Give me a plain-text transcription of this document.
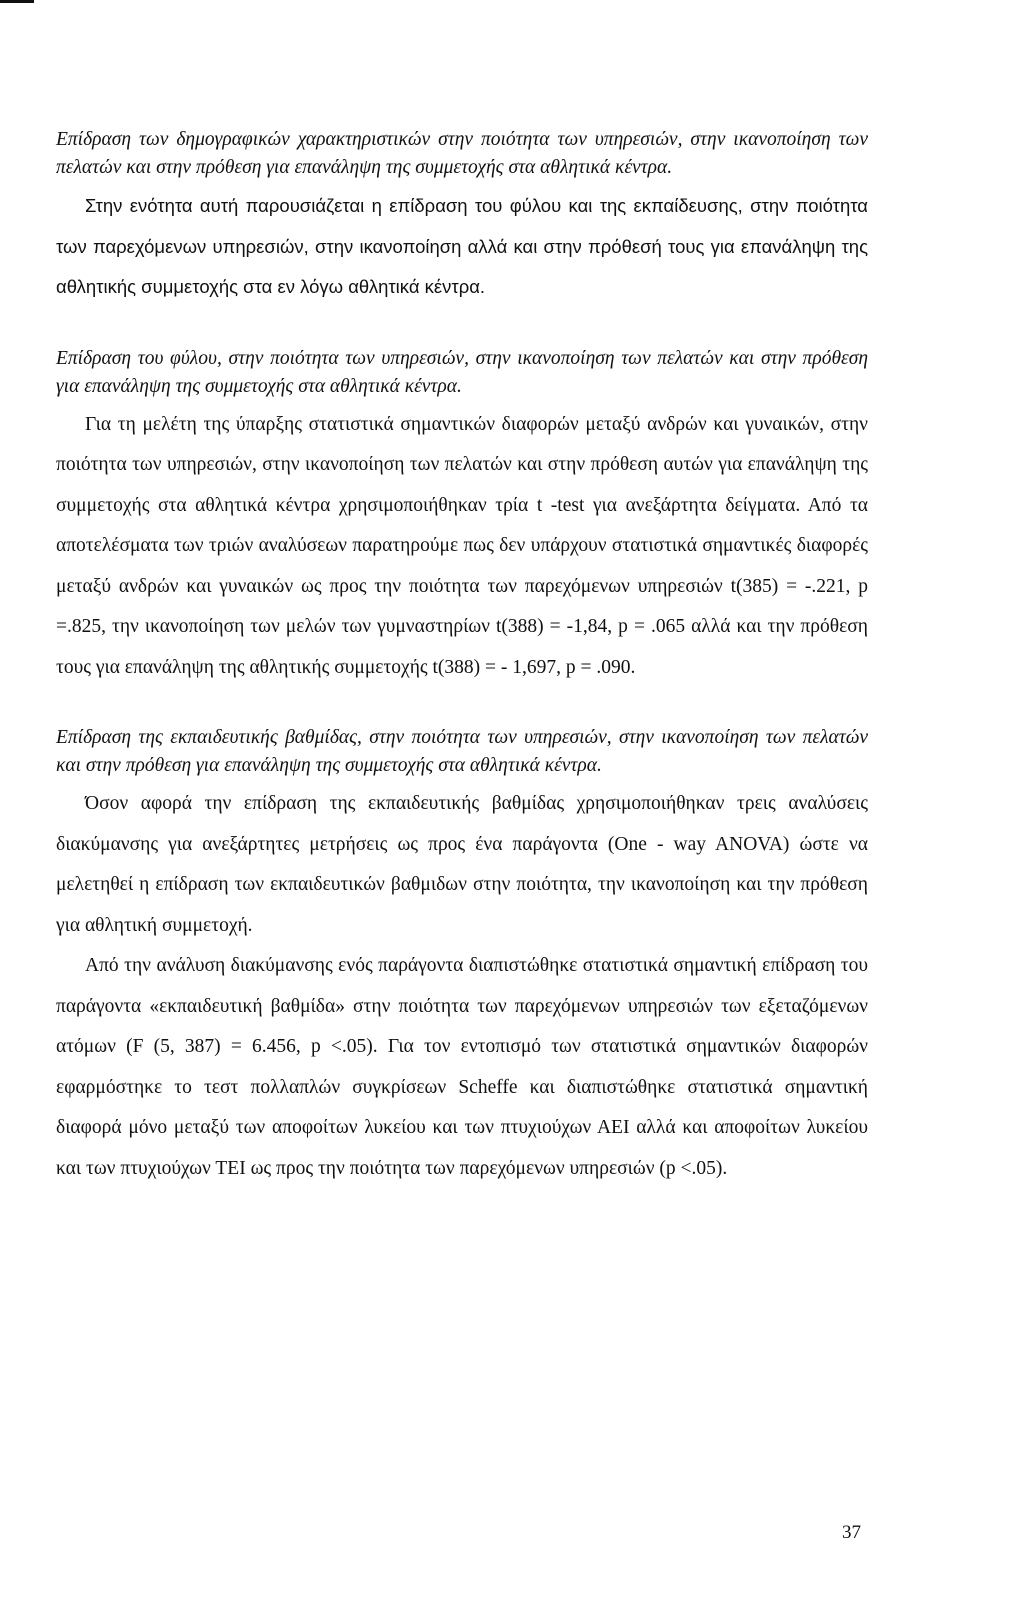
Επίδραση των δημογραφικών χαρακτηριστικών στην ποιότητα των υπηρεσιών, στην ικανοποίηση των πελατών και στην πρόθεση για επανάληψη της συμμετοχής στα αθλητικά κέντρα.

Στην ενότητα αυτή παρουσιάζεται η επίδραση του φύλου και της εκπαίδευσης, στην ποιότητα των παρεχόμενων υπηρεσιών, στην ικανοποίηση αλλά και στην πρόθεσή τους για επανάληψη της αθλητικής συμμετοχής στα εν λόγω αθλητικά κέντρα.

Επίδραση του φύλου, στην ποιότητα των υπηρεσιών, στην ικανοποίηση των πελατών και στην πρόθεση για επανάληψη της συμμετοχής στα αθλητικά κέντρα.

Για τη μελέτη της ύπαρξης στατιστικά σημαντικών διαφορών μεταξύ ανδρών και γυναικών, στην ποιότητα των υπηρεσιών, στην ικανοποίηση των πελατών και στην πρόθεση αυτών για επανάληψη της συμμετοχής στα αθλητικά κέντρα χρησιμοποιήθηκαν τρία t -test για ανεξάρτητα δείγματα. Από τα αποτελέσματα των τριών αναλύσεων παρατηρούμε πως δεν υπάρχουν στατιστικά σημαντικές διαφορές μεταξύ ανδρών και γυναικών ως προς την ποιότητα των παρεχόμενων υπηρεσιών t(385) = -.221, p =.825, την ικανοποίηση των μελών των γυμναστηρίων t(388) = -1,84, p = .065 αλλά και την πρόθεση τους για επανάληψη της αθλητικής συμμετοχής t(388) = - 1,697, p = .090.

Επίδραση της εκπαιδευτικής βαθμίδας, στην ποιότητα των υπηρεσιών, στην ικανοποίηση των πελατών και στην πρόθεση για επανάληψη της συμμετοχής στα αθλητικά κέντρα.

Όσον αφορά την επίδραση της εκπαιδευτικής βαθμίδας χρησιμοποιήθηκαν τρεις αναλύσεις διακύμανσης για ανεξάρτητες μετρήσεις ως προς ένα παράγοντα (One - way ANOVA) ώστε να μελετηθεί η επίδραση των εκπαιδευτικών βαθμιδων στην ποιότητα, την ικανοποίηση και την πρόθεση για αθλητική συμμετοχή.

Από την ανάλυση διακύμανσης ενός παράγοντα διαπιστώθηκε στατιστικά σημαντική επίδραση του παράγοντα «εκπαιδευτική βαθμίδα» στην ποιότητα των παρεχόμενων υπηρεσιών των εξεταζόμενων ατόμων (F (5, 387) = 6.456, p <.05). Για τον εντοπισμό των στατιστικά σημαντικών διαφορών εφαρμόστηκε το τεστ πολλαπλών συγκρίσεων Scheffe και διαπιστώθηκε στατιστικά σημαντική διαφορά μόνο μεταξύ των αποφοίτων λυκείου και των πτυχιούχων ΑΕΙ αλλά και αποφοίτων λυκείου και των πτυχιούχων ΤΕΙ ως προς την ποιότητα των παρεχόμενων υπηρεσιών (p <.05).

37
